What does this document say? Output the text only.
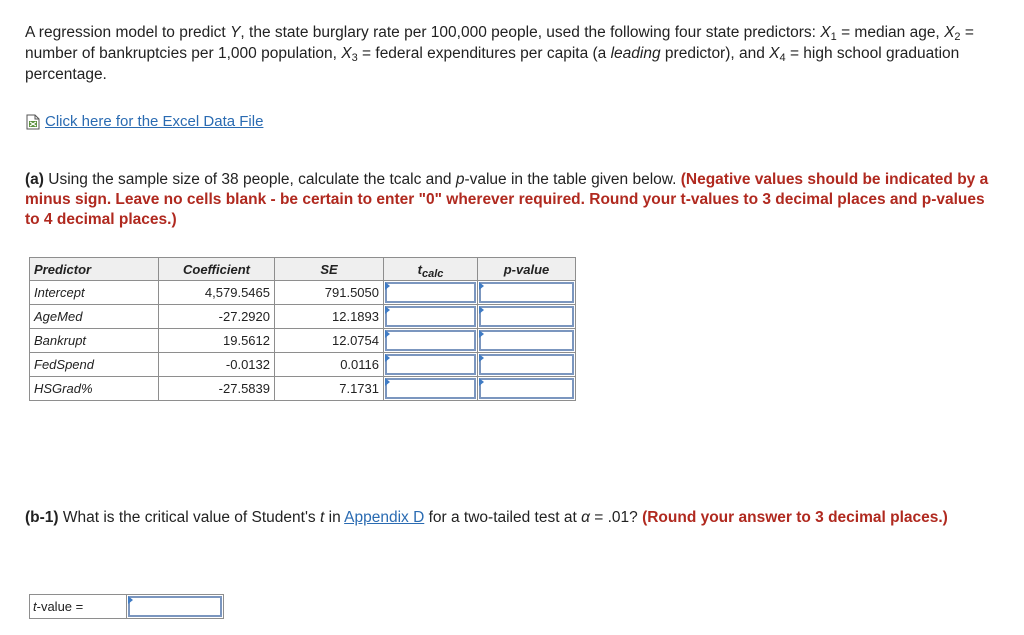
A regression model to predict Y, the state burglary rate per 100,000 people, used the following four state predictors: $X_1$ = median age, $X_2$ = number of bankruptcies per 1,000 population, $X_3$ = federal expenditures per capita (a leading predictor), and $X_4$ = high school graduation percentage.
Click here for the Excel Data File
(a) Using the sample size of 38 people, calculate the tcalc and p-value in the table given below. (Negative values should be indicated by a minus sign. Leave no cells blank - be certain to enter "0" wherever required. Round your t-values to 3 decimal places and p-values to 4 decimal places.)
Predictor	Coefficient	SE	$t_{calc}$	p-value
Intercept	4,579.5465	791.5050	

AgeMed	-27.2920	12.1893	

Bankrupt	19.5612	12.0754	

FedSpend	-0.0132	0.0116	

HSGrad%	-27.5839	7.1731	

(b-1) What is the critical value of Student's t in Appendix D for a two-tailed test at α = .01? (Round your answer to 3 decimal places.)
t-value =
